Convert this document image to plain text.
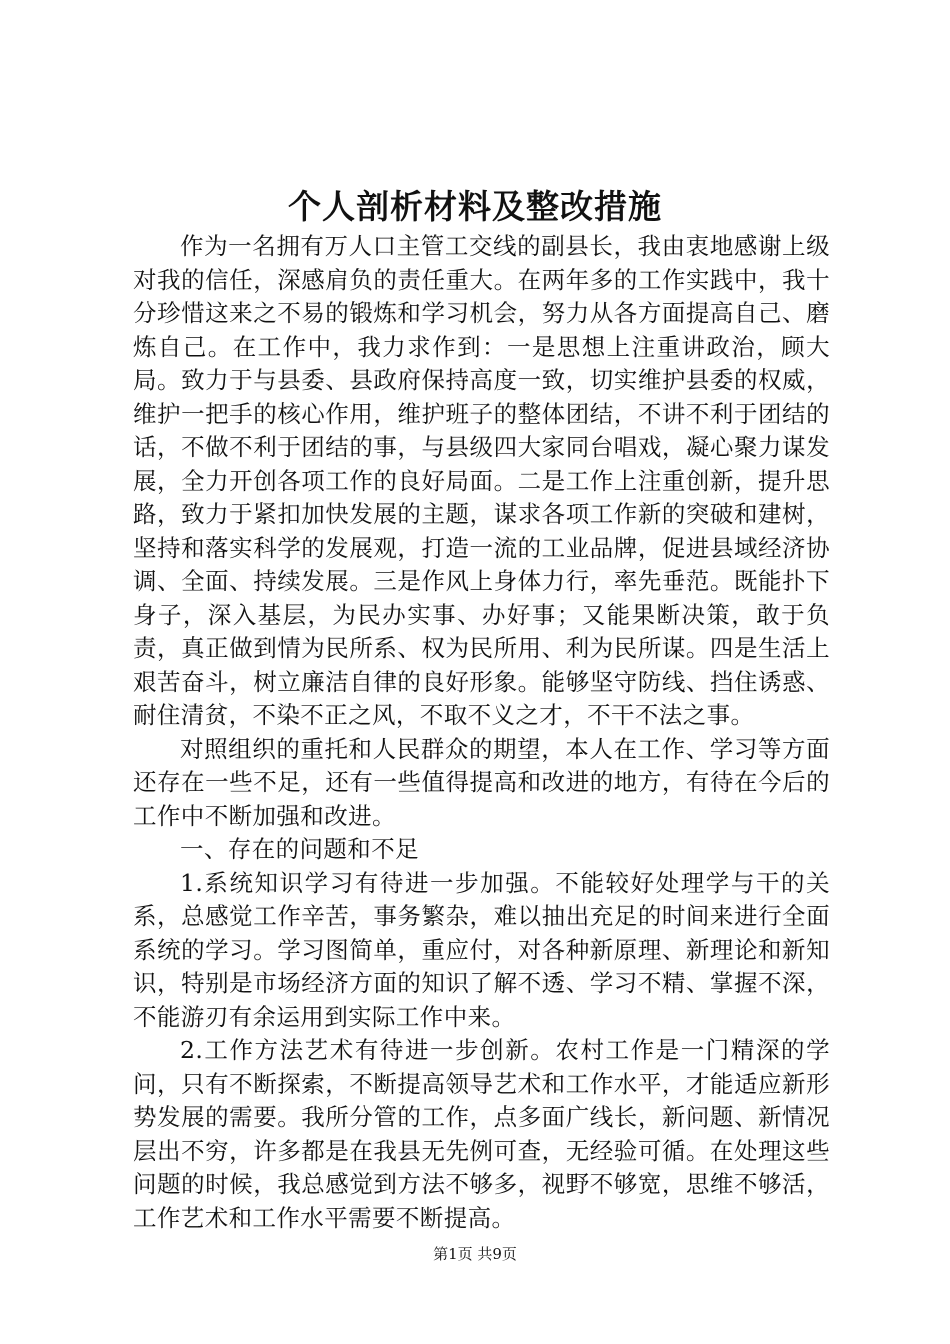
个人剖析材料及整改措施

作为一名拥有万人口主管工交线的副县长，我由衷地感谢上级对我的信任，深感肩负的责任重大。在两年多的工作实践中，我十分珍惜这来之不易的锻炼和学习机会，努力从各方面提高自己、磨炼自己。在工作中，我力求作到：一是思想上注重讲政治，顾大局。致力于与县委、县政府保持高度一致，切实维护县委的权威，维护一把手的核心作用，维护班子的整体团结，不讲不利于团结的话，不做不利于团结的事，与县级四大家同台唱戏，凝心聚力谋发展，全力开创各项工作的良好局面。二是工作上注重创新，提升思路，致力于紧扣加快发展的主题，谋求各项工作新的突破和建树，坚持和落实科学的发展观，打造一流的工业品牌，促进县域经济协调、全面、持续发展。三是作风上身体力行，率先垂范。既能扑下身子，深入基层，为民办实事、办好事；又能果断决策，敢于负责，真正做到情为民所系、权为民所用、利为民所谋。四是生活上艰苦奋斗，树立廉洁自律的良好形象。能够坚守防线、挡住诱惑、耐住清贫，不染不正之风，不取不义之才，不干不法之事。

对照组织的重托和人民群众的期望，本人在工作、学习等方面还存在一些不足，还有一些值得提高和改进的地方，有待在今后的工作中不断加强和改进。

一、存在的问题和不足

1.系统知识学习有待进一步加强。不能较好处理学与干的关系，总感觉工作辛苦，事务繁杂，难以抽出充足的时间来进行全面系统的学习。学习图简单，重应付，对各种新原理、新理论和新知识，特别是市场经济方面的知识了解不透、学习不精、掌握不深，不能游刃有余运用到实际工作中来。

2.工作方法艺术有待进一步创新。农村工作是一门精深的学问，只有不断探索，不断提高领导艺术和工作水平，才能适应新形势发展的需要。我所分管的工作，点多面广线长，新问题、新情况层出不穷，许多都是在我县无先例可查，无经验可循。在处理这些问题的时候，我总感觉到方法不够多，视野不够宽，思维不够活，工作艺术和工作水平需要不断提高。

第1页 共9页
